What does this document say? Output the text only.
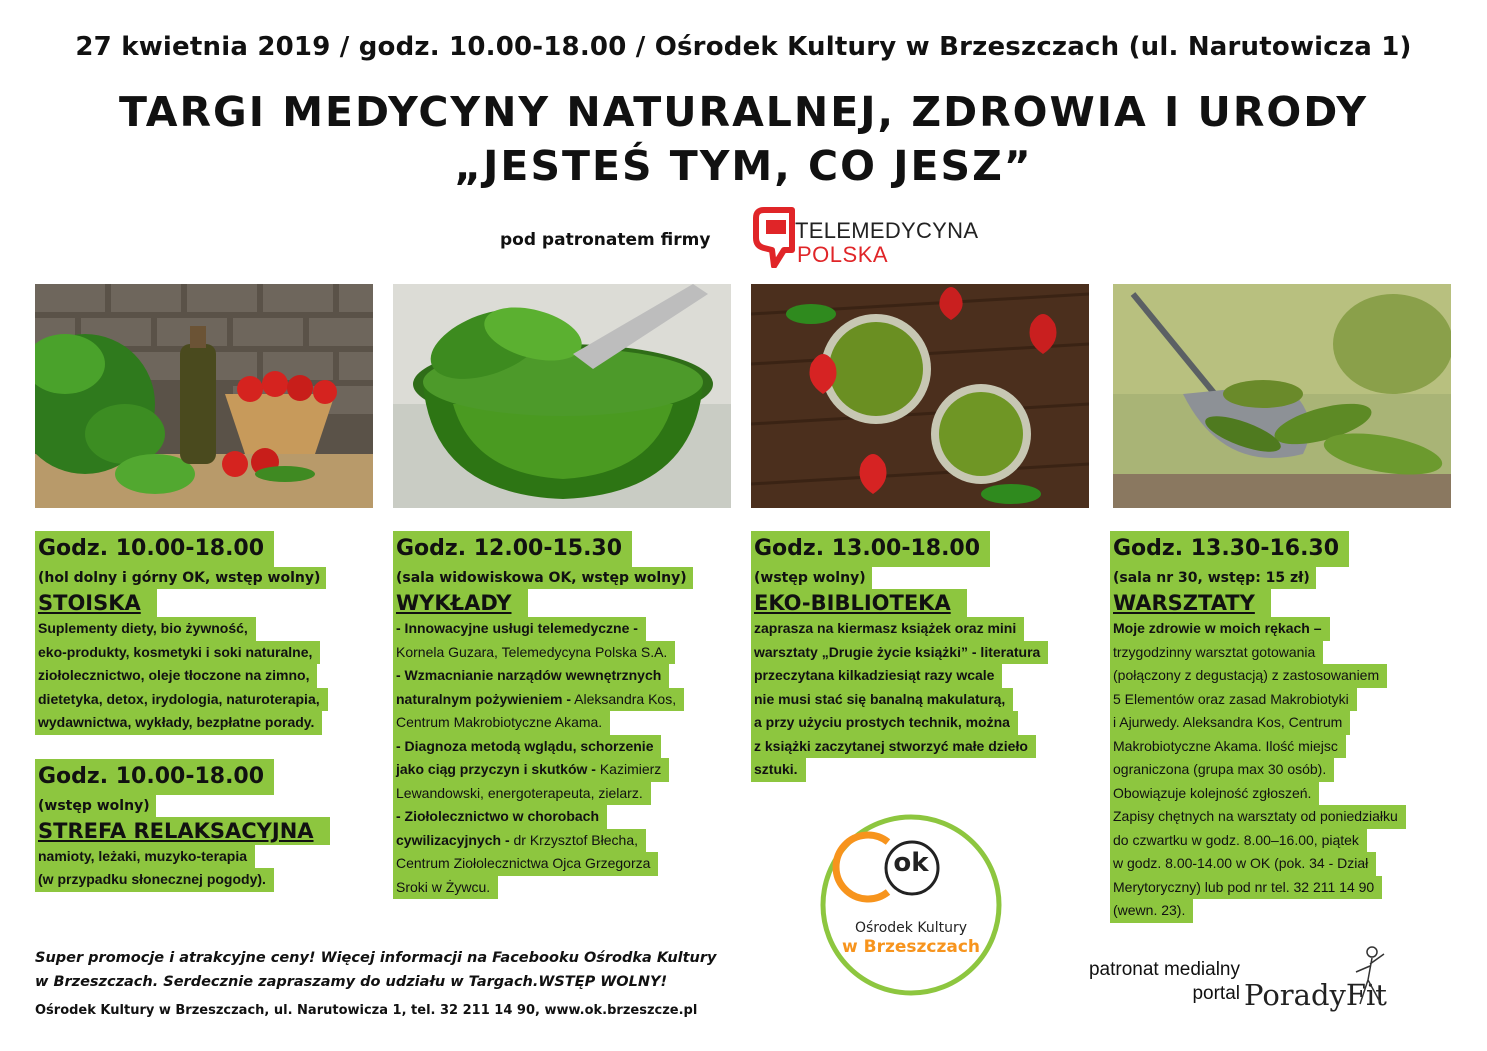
27 kwietnia 2019 / godz. 10.00-18.00 / Ośrodek Kultury w Brzeszczach (ul. Narutowicza 1)
TARGI MEDYCYNY NATURALNEJ, ZDROWIA I URODY
„JESTEŚ TYM, CO JESZ”
pod patronatem firmy	TELEMEDYCYNA
POLSKA
Godz. 10.00-18.00
(hol dolny i górny OK, wstęp wolny)
STOISKA
Suplementy diety, bio żywność,
eko-produkty, kosmetyki i soki naturalne,
ziołolecznictwo, oleje tłoczone na zimno,
dietetyka, detox, irydologia, naturoterapia,
wydawnictwa, wykłady, bezpłatne porady.
Godz. 10.00-18.00
(wstęp wolny)
STREFA RELAKSACYJNA
namioty, leżaki, muzyko-terapia
(w przypadku słonecznej pogody).
Godz. 12.00-15.30
(sala widowiskowa OK, wstęp wolny)
WYKŁADY
- Innowacyjne usługi telemedyczne -
Kornela Guzara, Telemedycyna Polska S.A.
- Wzmacnianie narządów wewnętrznych
naturalnym pożywieniem - Aleksandra Kos,
Centrum Makrobiotyczne Akama.
- Diagnoza metodą wglądu, schorzenie
jako ciąg przyczyn i skutków - Kazimierz
Lewandowski, energoterapeuta, zielarz.
- Ziołolecznictwo w chorobach
cywilizacyjnych - dr Krzysztof Błecha,
Centrum Ziołolecznictwa Ojca Grzegorza
Sroki w Żywcu.
Godz. 13.00-18.00
(wstęp wolny)
EKO-BIBLIOTEKA
zaprasza na kiermasz książek oraz mini
warsztaty „Drugie życie książki” - literatura
przeczytana kilkadziesiąt razy wcale
nie musi stać się banalną makulaturą,
a przy użyciu prostych technik, można
z książki zaczytanej stworzyć małe dzieło
sztuki.
Godz. 13.30-16.30
(sala nr 30, wstęp: 15 zł)
WARSZTATY
Moje zdrowie w moich rękach –
trzygodzinny warsztat gotowania
(połączony z degustacją) z zastosowaniem
5 Elementów oraz zasad Makrobiotyki
i Ajurwedy. Aleksandra Kos, Centrum
Makrobiotyczne Akama. Ilość miejsc
ograniczona (grupa max 30 osób).
Obowiązuje kolejność zgłoszeń.
Zapisy chętnych na warsztaty od poniedziałku
do czwartku w godz. 8.00–16.00, piątek
w godz. 8.00-14.00 w OK (pok. 34 - Dział
Merytoryczny) lub pod nr tel. 32 211 14 90
(wewn. 23).
ok
Ośrodek Kultury
w Brzeszczach
Super promocje i atrakcyjne ceny! Więcej informacji na Facebooku Ośrodka Kultury
w Brzeszczach. Serdecznie zapraszamy do udziału w Targach.WSTĘP WOLNY!
Ośrodek Kultury w Brzeszczach, ul. Narutowicza 1, tel. 32 211 14 90, www.ok.brzeszcze.pl
patronat medialny
portal PoradyFit
